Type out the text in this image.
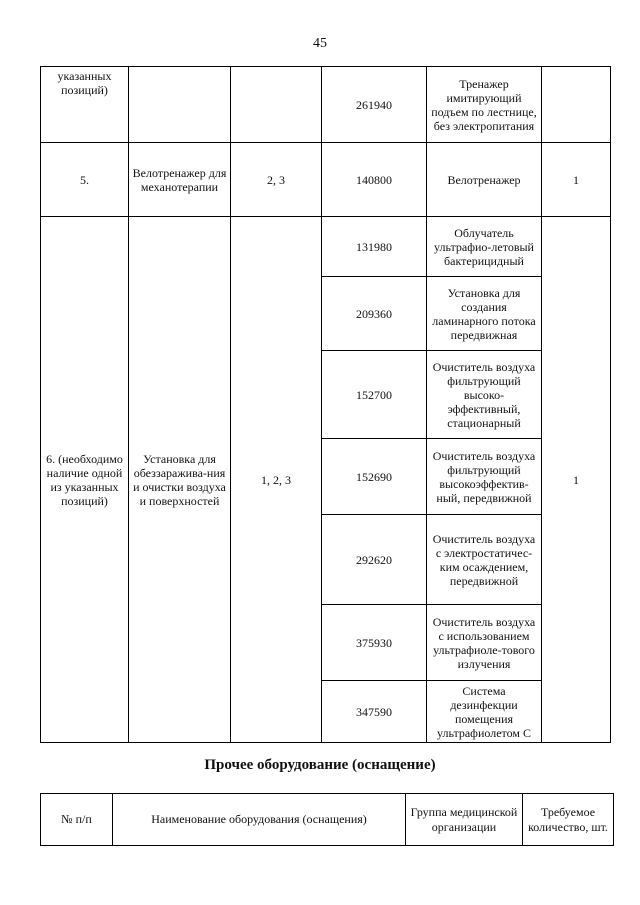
45
указанных позиций)			261940	Тренажер имитирующий подъем по лестнице, без электропитания	
5.	Велотренажер для механотерапии	2, 3	140800	Велотренажер	1
6. (необходимо наличие одной из указанных позиций)	Установка для обеззаражива-ния и очистки воздуха и поверхностей	1, 2, 3	131980	Облучатель ультрафио-летовый бактерицидный	1
			209360	Установка для создания ламинарного потока передвижная	
			152700	Очиститель воздуха фильтрующий высоко-эффективный, стационарный	
			152690	Очиститель воздуха фильтрующий высокоэффектив-ный, передвижной	
			292620	Очиститель воздуха с электростатичес-ким осаждением, передвижной	
			375930	Очиститель воздуха с использованием ультрафиоле-тового излучения	
			347590	Система дезинфекции помещения ультрафиолетом С	
Прочее оборудование (оснащение)
№ п/п	Наименование оборудования (оснащения)	Группа медицинской организации	Требуемое количество, шт.
